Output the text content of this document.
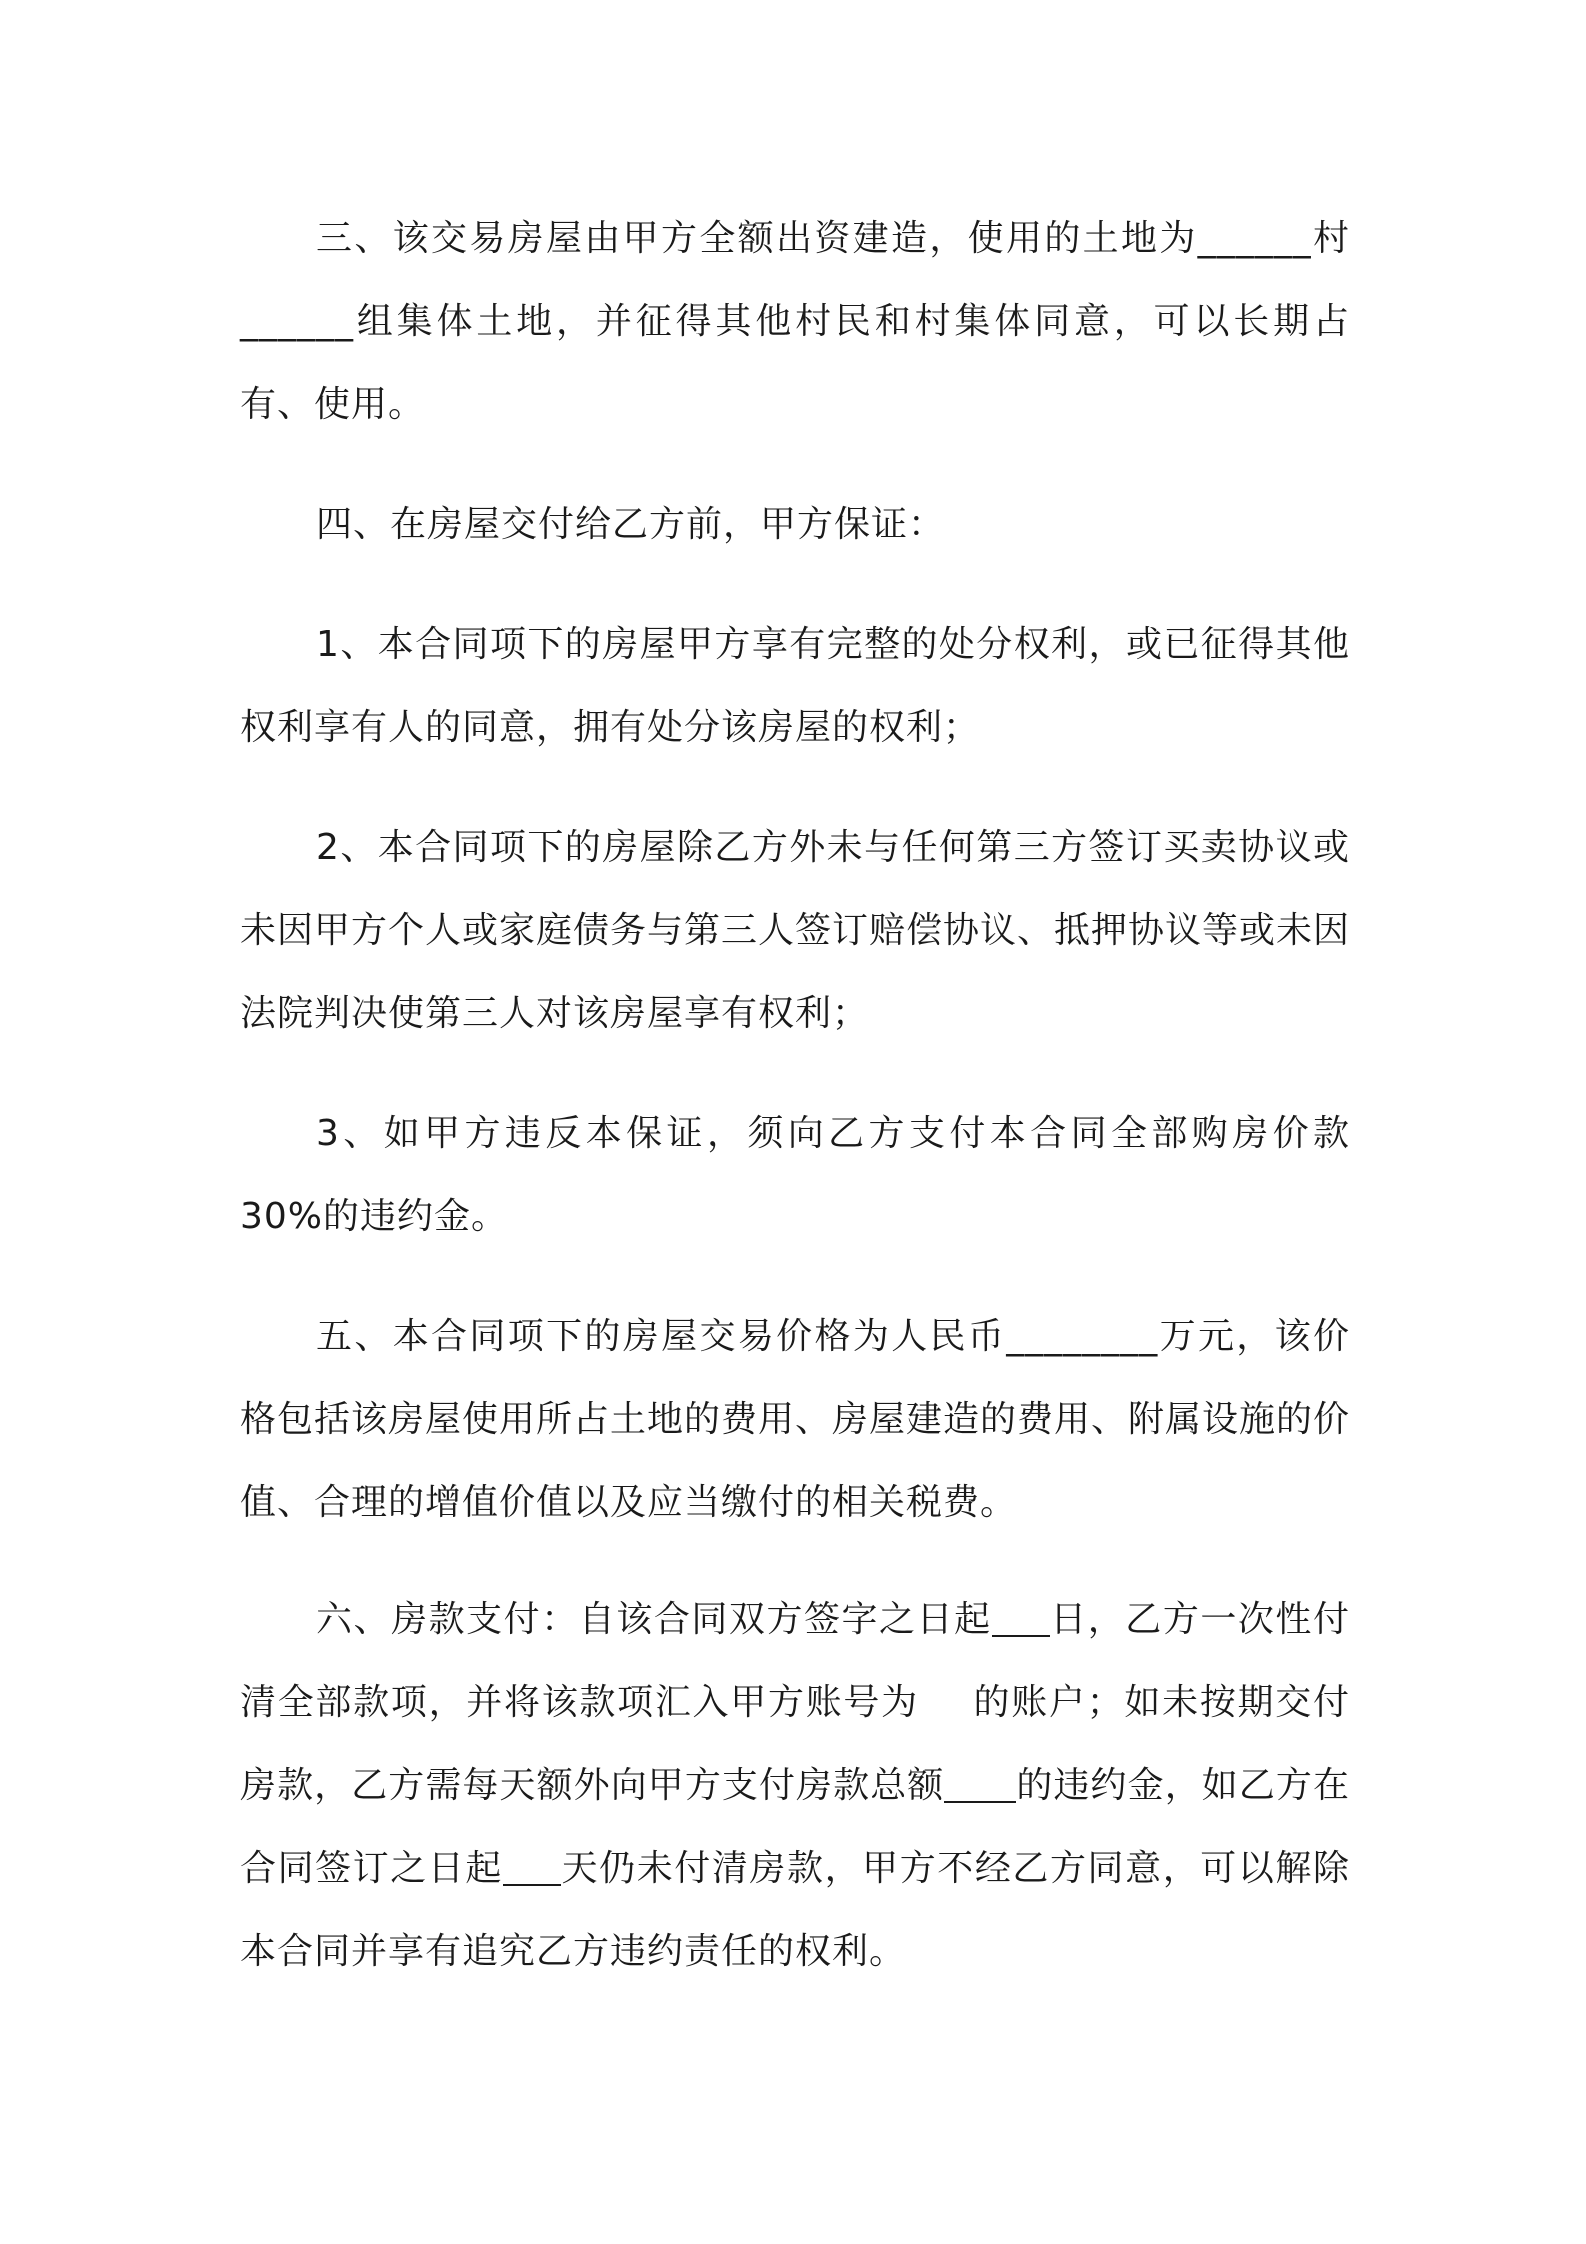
三、该交易房屋由甲方全额出资建造，使用的土地为______村______组集体土地，并征得其他村民和村集体同意，可以长期占有、使用。

四、在房屋交付给乙方前，甲方保证：

1、本合同项下的房屋甲方享有完整的处分权利，或已征得其他权利享有人的同意，拥有处分该房屋的权利；

2、本合同项下的房屋除乙方外未与任何第三方签订买卖协议或未因甲方个人或家庭债务与第三人签订赔偿协议、抵押协议等或未因法院判决使第三人对该房屋享有权利；

3、如甲方违反本保证，须向乙方支付本合同全部购房价款 30%的违约金。

五、本合同项下的房屋交易价格为人民币________万元，该价格包括该房屋使用所占土地的费用、房屋建造的费用、附属设施的价值、合理的增值价值以及应当缴付的相关税费。

六、房款支付：自该合同双方签字之日起 日，乙方一次性付清全部款项，并将该款项汇入甲方账号为 的账户；如未按期交付房款，乙方需每天额外向甲方支付房款总额 的违约金，如乙方在合同签订之日起 天仍未付清房款，甲方不经乙方同意，可以解除本合同并享有追究乙方违约责任的权利。
